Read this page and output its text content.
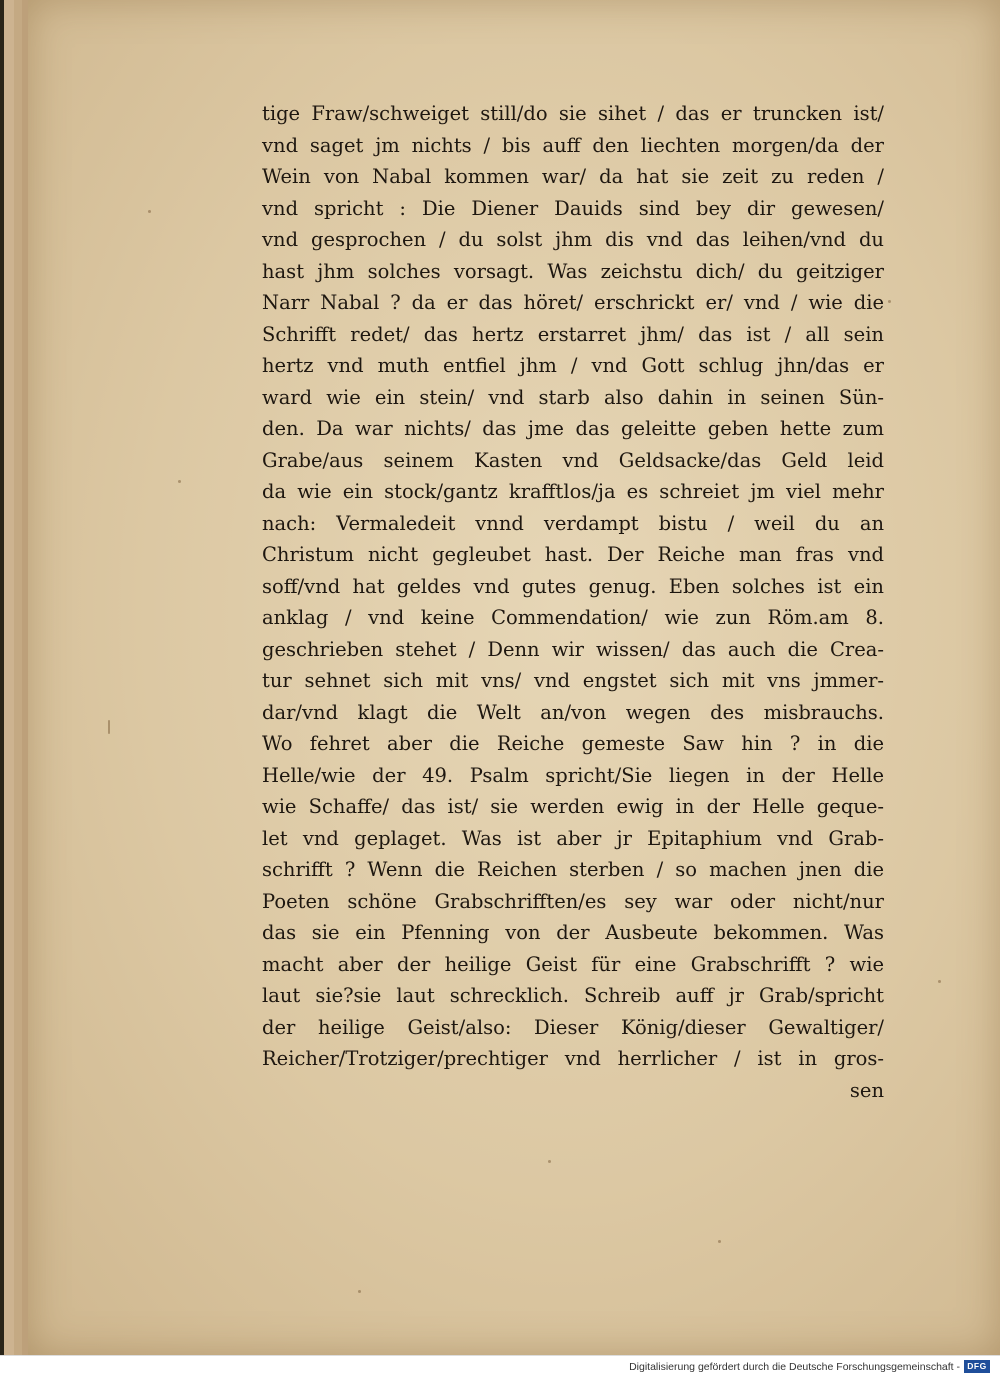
tige Fraw/schweiget still/do sie sihet / das er truncken ist/
vnd saget jm nichts / bis auff den liechten morgen/da der
Wein von Nabal kommen war/ da hat sie zeit zu reden /
vnd spricht : Die Diener Dauids sind bey dir gewesen/
vnd gesprochen / du solst jhm dis vnd das leihen/vnd du
hast jhm solches vorsagt. Was zeichstu dich/ du geitziger
Narr Nabal ? da er das höret/ erschrickt er/ vnd / wie die
Schrifft redet/ das hertz erstarret jhm/ das ist / all sein
hertz vnd muth entfiel jhm / vnd Gott schlug jhn/das er
ward wie ein stein/ vnd starb also dahin in seinen Sün-
den. Da war nichts/ das jme das geleitte geben hette zum
Grabe/aus seinem Kasten vnd Geldsacke/das Geld leid
da wie ein stock/gantz krafftlos/ja es schreiet jm viel mehr
nach: Vermaledeit vnnd verdampt bistu / weil du an
Christum nicht gegleubet hast. Der Reiche man fras vnd
soff/vnd hat geldes vnd gutes genug. Eben solches ist ein
anklag / vnd keine Commendation/ wie zun Röm.am 8.
geschrieben stehet / Denn wir wissen/ das auch die Crea-
tur sehnet sich mit vns/ vnd engstet sich mit vns jmmer-
dar/vnd klagt die Welt an/von wegen des misbrauchs.
Wo fehret aber die Reiche gemeste Saw hin ? in die
Helle/wie der 49. Psalm spricht/Sie liegen in der Helle
wie Schaffe/ das ist/ sie werden ewig in der Helle geque-
let vnd geplaget. Was ist aber jr Epitaphium vnd Grab-
schrifft ? Wenn die Reichen sterben / so machen jnen die
Poeten schöne Grabschrifften/es sey war oder nicht/nur
das sie ein Pfenning von der Ausbeute bekommen. Was
macht aber der heilige Geist für eine Grabschrifft ? wie
laut sie?sie laut schrecklich. Schreib auff jr Grab/spricht
der heilige Geist/also: Dieser König/dieser Gewaltiger/
Reicher/Trotziger/prechtiger vnd herrlicher / ist in gros-
sen
Digitalisierung gefördert durch die Deutsche Forschungsgemeinschaft - DFG
